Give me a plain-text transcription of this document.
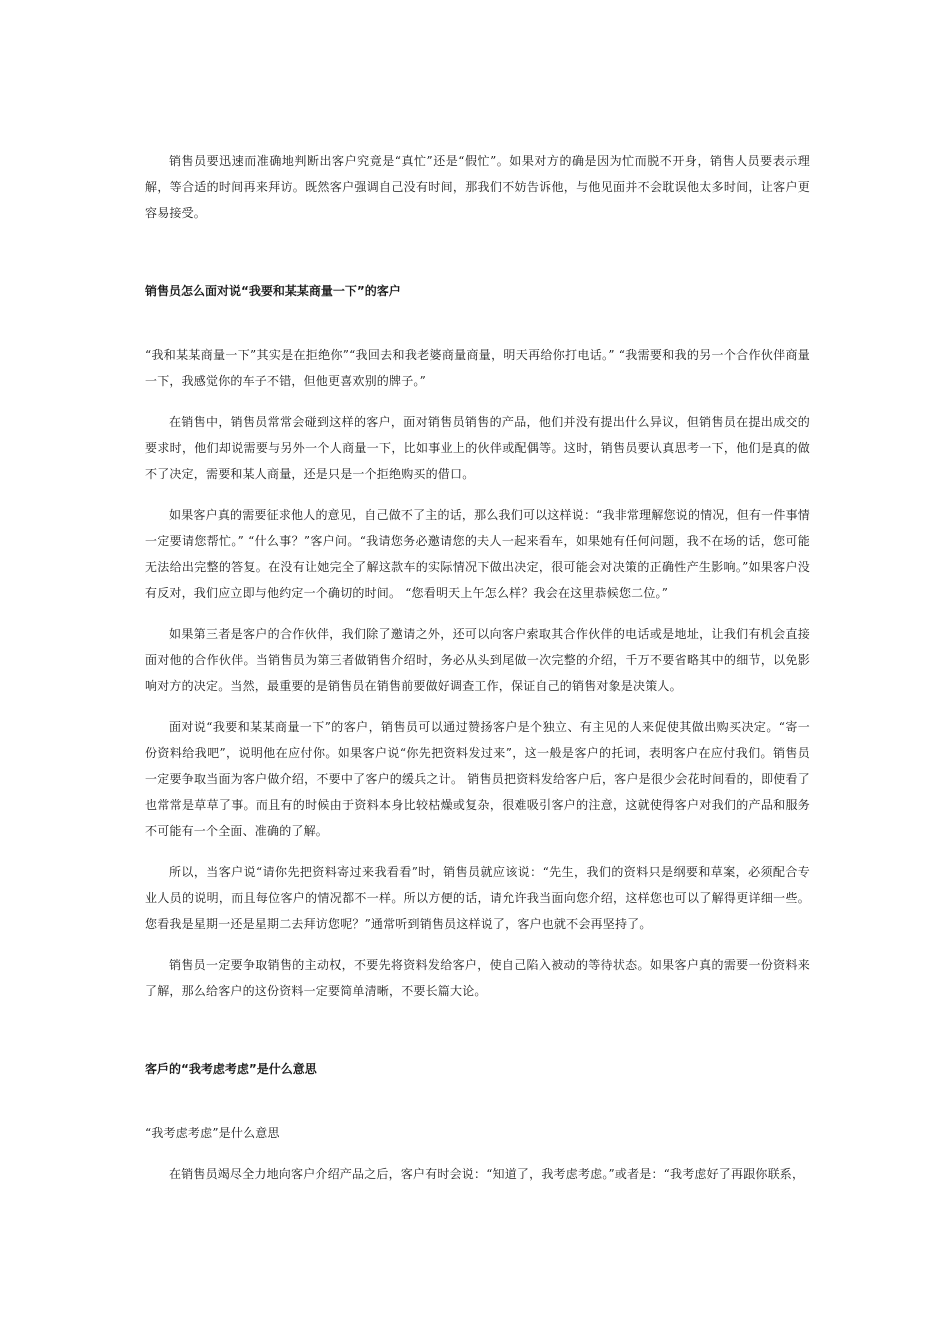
销售员要迅速而准确地判断出客户究竟是“真忙”还是“假忙”。如果对方的确是因为忙而脱不开身，销售人员要表示理解，等合适的时间再来拜访。既然客户强调自己没有时间，那我们不妨告诉他，与他见面并不会耽误他太多时间，让客户更容易接受。

销售员怎么面对说“我要和某某商量一下”的客户

“我和某某商量一下”其实是在拒绝你”“我回去和我老婆商量商量，明天再给你打电话。” “我需要和我的另一个合作伙伴商量一下，我感觉你的车子不错，但他更喜欢别的牌子。”

在销售中，销售员常常会碰到这样的客户，面对销售员销售的产品，他们并没有提出什么异议，但销售员在提出成交的要求时，他们却说需要与另外一个人商量一下，比如事业上的伙伴或配偶等。这时，销售员要认真思考一下，他们是真的做不了决定，需要和某人商量，还是只是一个拒绝购买的借口。

如果客户真的需要征求他人的意见，自己做不了主的话，那么我们可以这样说：“我非常理解您说的情况，但有一件事情一定要请您帮忙。” “什么事？”客户问。“我请您务必邀请您的夫人一起来看车，如果她有任何问题，我不在场的话，您可能无法给出完整的答复。在没有让她完全了解这款车的实际情况下做出决定，很可能会对决策的正确性产生影响。”如果客户没有反对，我们应立即与他约定一个确切的时间。 “您看明天上午怎么样？我会在这里恭候您二位。”

如果第三者是客户的合作伙伴，我们除了邀请之外，还可以向客户索取其合作伙伴的电话或是地址，让我们有机会直接面对他的合作伙伴。当销售员为第三者做销售介绍时，务必从头到尾做一次完整的介绍，千万不要省略其中的细节，以免影响对方的决定。当然，最重要的是销售员在销售前要做好调查工作，保证自己的销售对象是决策人。

面对说“我要和某某商量一下”的客户，销售员可以通过赞扬客户是个独立、有主见的人来促使其做出购买决定。“寄一份资料给我吧”，说明他在应付你。如果客户说“你先把资料发过来”，这一般是客户的托词，表明客户在应付我们。销售员一定要争取当面为客户做介绍，不要中了客户的缓兵之计。 销售员把资料发给客户后，客户是很少会花时间看的，即使看了也常常是草草了事。而且有的时候由于资料本身比较枯燥或复杂，很难吸引客户的注意，这就使得客户对我们的产品和服务不可能有一个全面、准确的了解。

所以，当客户说“请你先把资料寄过来我看看”时，销售员就应该说：“先生，我们的资料只是纲要和草案，必须配合专业人员的说明，而且每位客户的情况都不一样。所以方便的话，请允许我当面向您介绍，这样您也可以了解得更详细一些。您看我是星期一还是星期二去拜访您呢？”通常听到销售员这样说了，客户也就不会再坚持了。

销售员一定要争取销售的主动权，不要先将资料发给客户，使自己陷入被动的等待状态。如果客户真的需要一份资料来了解，那么给客户的这份资料一定要简单清晰，不要长篇大论。

客戶的“我考虑考虑”是什么意思

“我考虑考虑”是什么意思

在销售员竭尽全力地向客户介绍产品之后，客户有时会说：“知道了，我考虑考虑。”或者是：“我考虑好了再跟你联系，
